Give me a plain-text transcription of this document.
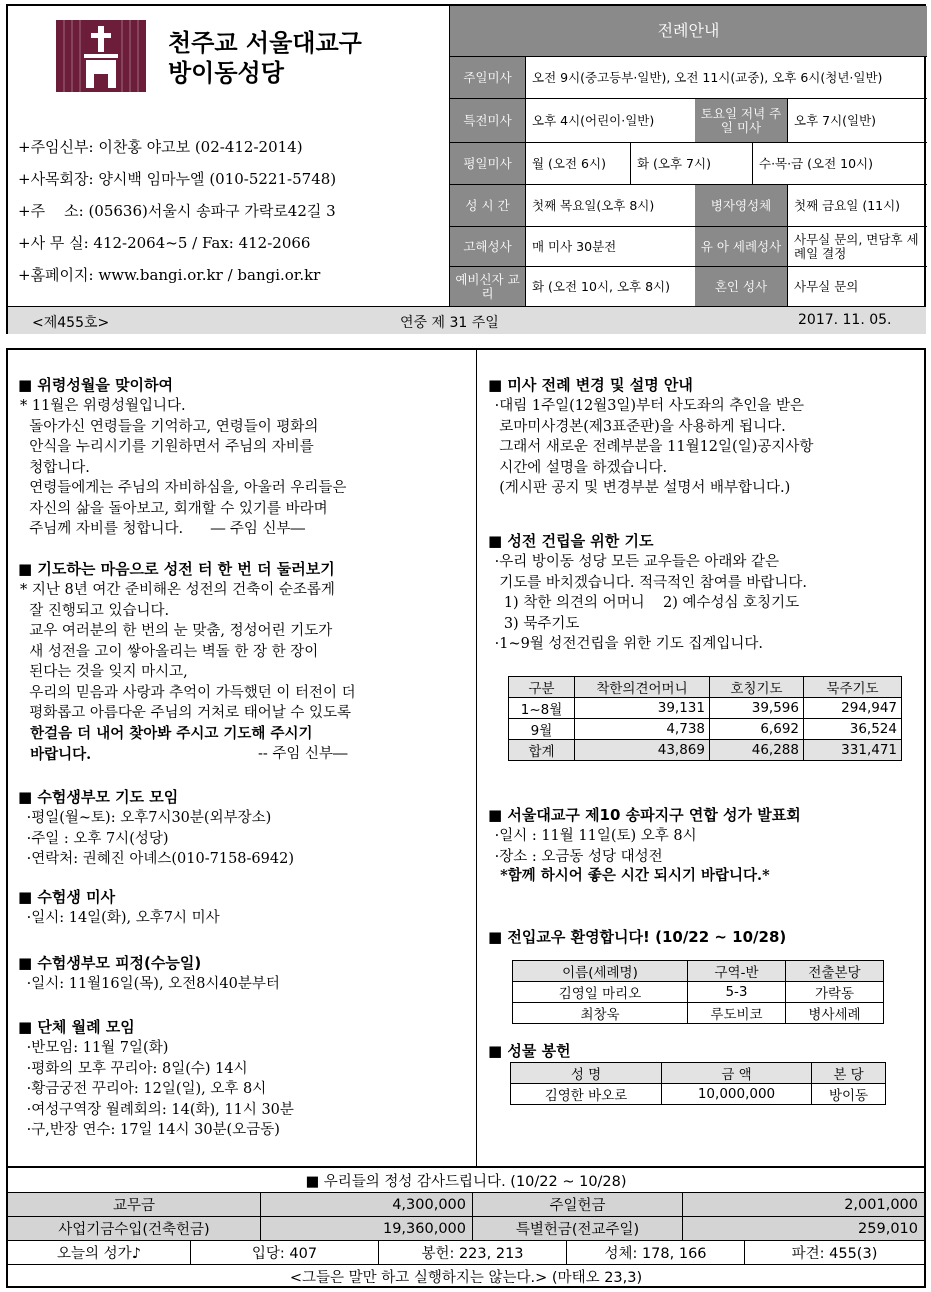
천주교 서울대교구
방이동성당
+주임신부: 이찬홍 야고보 (02-412-2014)
+사목회장: 양시백 임마누엘 (010-5221-5748)
+주    소: (05636)서울시 송파구 가락로42길 3
+사 무 실: 412-2064~5 / Fax: 412-2066
+홈페이지: www.bangi.or.kr / bangi.or.kr
전례안내
주일미사	오전 9시(중고등부·일반), 오전 11시(교중), 오후 6시(청년·일반)
특전미사	오후 4시(어린이·일반)	토요일 저녁 주일 미사	오후 7시(일반)
평일미사	월 (오전 6시)	화 (오후 7시)	수·목·금 (오전 10시)
성 시 간	첫째 목요일(오후 8시)	병자영성체	첫째 금요일 (11시)
고해성사	매 미사 30분전	유 아 세례성사	사무실 문의, 면담후 세례일 결정
예비신자 교 리	화 (오전 10시, 오후 8시)	혼인 성사	사무실 문의
<제455호>	연중 제 31 주일	2017. 11. 05.
■ 위령성월을 맞이하여
* 11월은 위령성월입니다.
돌아가신 연령들을 기억하고, 연령들이 평화의
안식을 누리시기를 기원하면서 주님의 자비를
청합니다.
연령들에게는 주님의 자비하심을, 아울러 우리들은
자신의 삶을 돌아보고, 회개할 수 있기를 바라며
주님께 자비를 청합니다.      ― 주임 신부―
■ 기도하는 마음으로 성전 터 한 번 더 둘러보기
* 지난 8년 여간 준비해온 성전의 건축이 순조롭게
잘 진행되고 있습니다.
교우 여러분의 한 번의 눈 맞춤, 정성어린 기도가
새 성전을 고이 쌓아올리는 벽돌 한 장 한 장이
된다는 것을 잊지 마시고,
우리의 믿음과 사랑과 추억이 가득했던 이 터전이 더
평화롭고 아름다운 주님의 거처로 태어날 수 있도록
한걸음 더 내어 찾아봐 주시고 기도해 주시기
바랍니다.	-- 주임 신부―
■ 수험생부모 기도 모임
·평일(월~토): 오후7시30분(외부장소)
·주일 : 오후 7시(성당)
·연락처: 권혜진 아녜스(010-7158-6942)
■ 수험생 미사
·일시: 14일(화), 오후7시 미사
■ 수험생부모 피정(수능일)
·일시: 11월16일(목), 오전8시40분부터
■ 단체 월례 모임
·반모임: 11월 7일(화)
·평화의 모후 꾸리아: 8일(수) 14시
·황금궁전 꾸리아: 12일(일), 오후 8시
·여성구역장 월례회의: 14(화), 11시 30분
·구,반장 연수: 17일 14시 30분(오금동)
■ 미사 전례 변경 및 설명 안내
·대림 1주일(12월3일)부터 사도좌의 추인을 받은
로마미사경본(제3표준판)을 사용하게 됩니다.
그래서 새로운 전례부분을 11월12일(일)공지사항
시간에 설명을 하겠습니다.
(게시판 공지 및 변경부분 설명서 배부합니다.)
■ 성전 건립을 위한 기도
·우리 방이동 성당 모든 교우들은 아래와 같은
기도를 바치겠습니다. 적극적인 참여를 바랍니다.
1) 착한 의견의 어머니    2) 예수성심 호칭기도
3) 묵주기도
·1~9월 성전건립을 위한 기도 집계입니다.
구분	착한의견어머니	호칭기도	묵주기도
1~8월	39,131	39,596	294,947
9월	4,738	6,692	36,524
합계	43,869	46,288	331,471
■ 서울대교구 제10 송파지구 연합 성가 발표회
·일시 : 11월 11일(토) 오후 8시
·장소 : 오금동 성당 대성전
*함께 하시어 좋은 시간 되시기 바랍니다.*
■ 전입교우 환영합니다! (10/22 ~ 10/28)
이름(세례명)	구역-반	전출본당
김영일 마리오	5-3	가락동
최창욱	루도비코	병사세례
■ 성물 봉헌
성 명	금 액	본 당
김영한 바오로	10,000,000	방이동
■ 우리들의 정성 감사드립니다. (10/22 ~ 10/28)
교무금	4,300,000	주일헌금	2,001,000
사업기금수입(건축헌금)	19,360,000	특별헌금(전교주일)	259,010
오늘의 성가♪	입당: 407	봉헌: 223, 213	성체: 178, 166	파견: 455(3)
<그들은 말만 하고 실행하지는 않는다.> (마태오 23,3)
